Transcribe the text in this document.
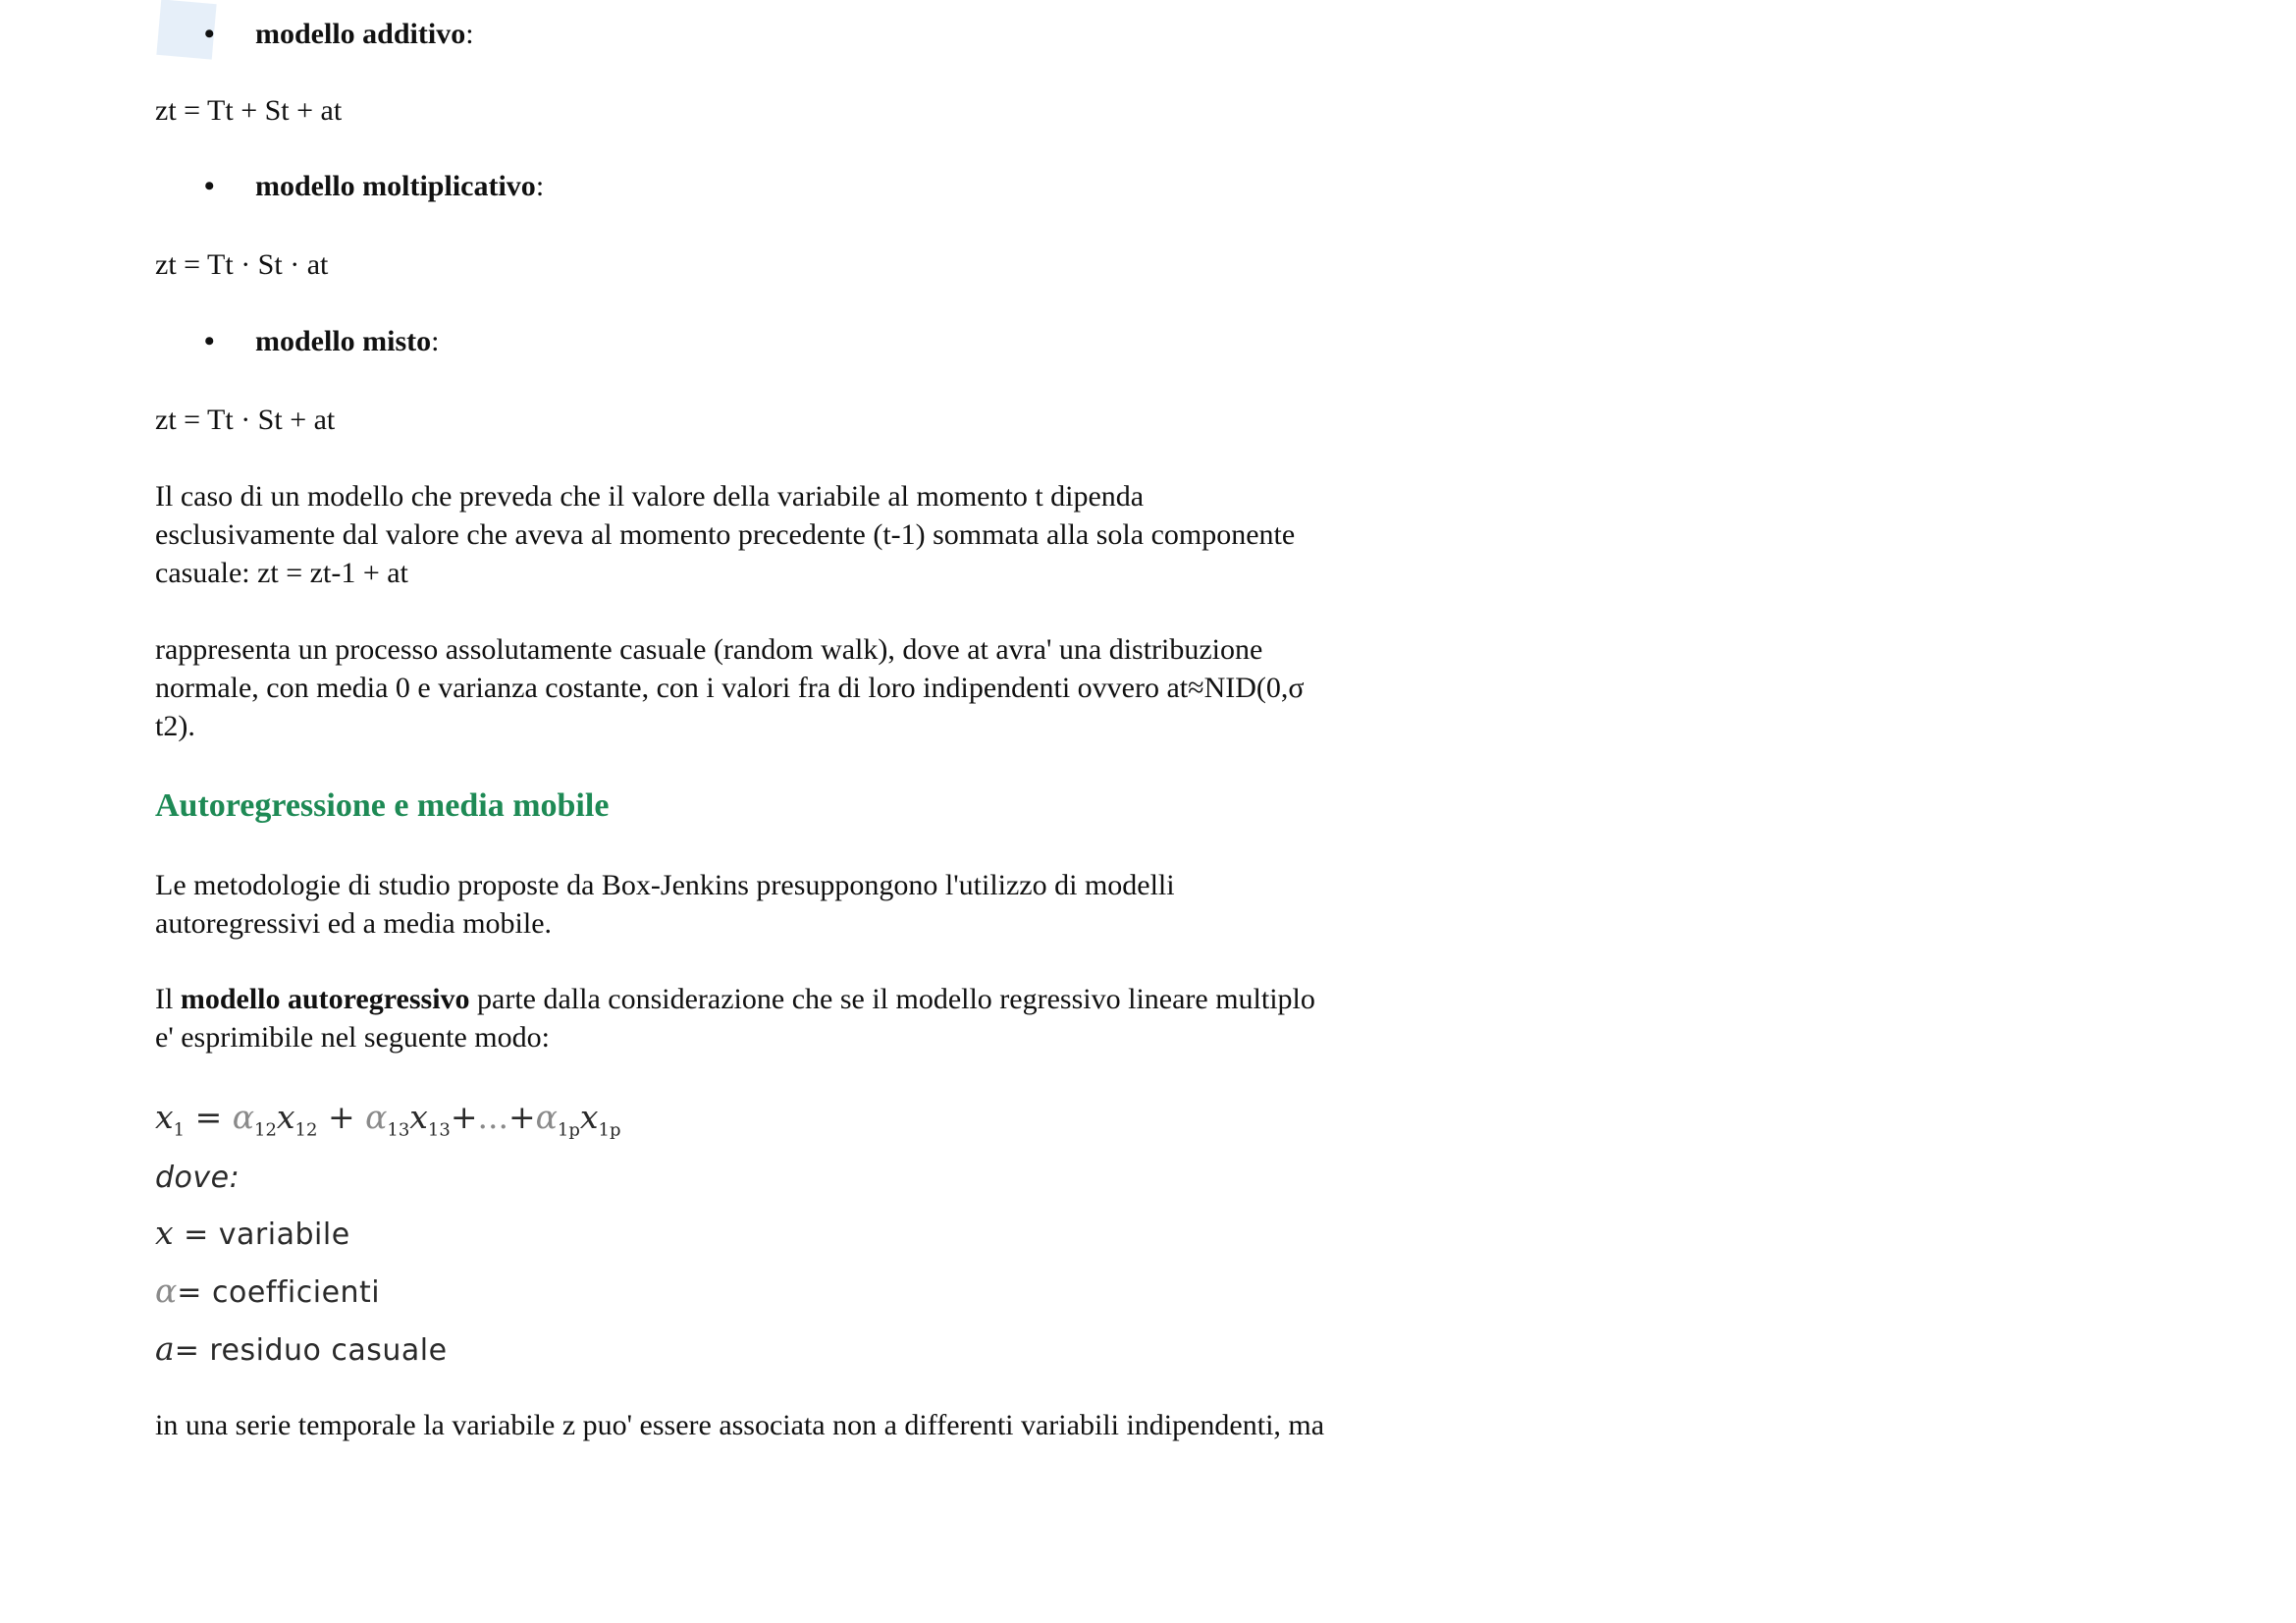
• modello additivo:
zt = Tt + St + at
• modello moltiplicativo:
zt = Tt · St · at
• modello misto:
zt = Tt · St + at
Il caso di un modello che preveda che il valore della variabile al momento t dipenda
esclusivamente dal valore che aveva al momento precedente (t-1) sommata alla sola componente
casuale: zt = zt-1 + at
rappresenta un processo assolutamente casuale (random walk), dove at avra' una distribuzione
normale, con media 0 e varianza costante, con i valori fra di loro indipendenti ovvero at≈NID(0,σ
t2).
Autoregressione e media mobile
Le metodologie di studio proposte da Box-Jenkins presuppongono l'utilizzo di modelli
autoregressivi ed a media mobile.
Il modello autoregressivo parte dalla considerazione che se il modello regressivo lineare multiplo
e' esprimibile nel seguente modo:
$x_1 = \alpha_{12}x_{12} + \alpha_{13}x_{13}+...+\alpha_{1p}x_{1p}$
dove:
x = variabile
α= coefficienti
a= residuo casuale
in una serie temporale la variabile z puo' essere associata non a differenti variabili indipendenti, ma
